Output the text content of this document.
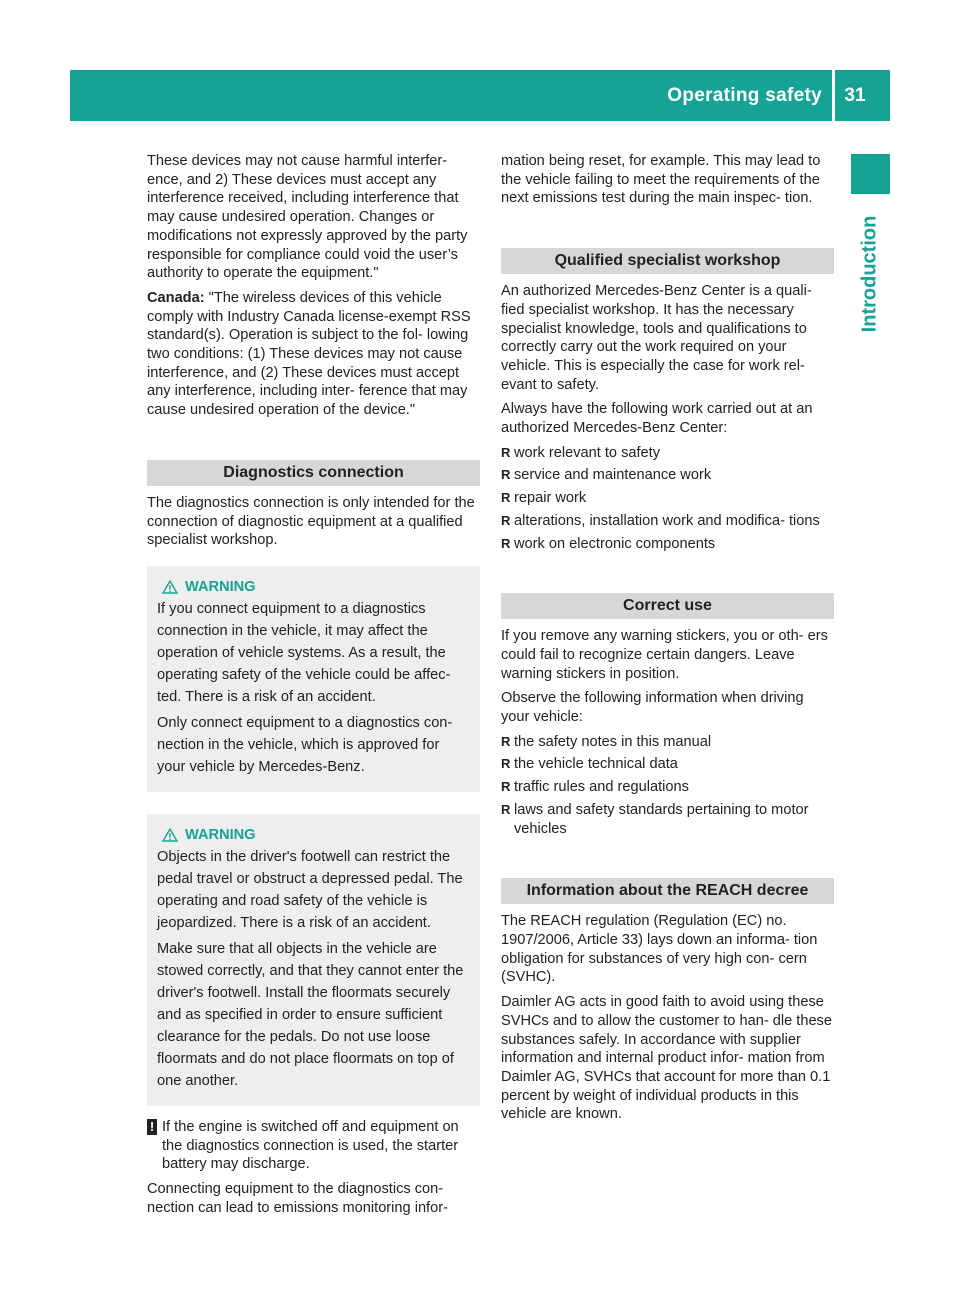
Operating safety	31
Introduction

These devices may not cause harmful interfer- ence, and 2) These devices must accept any interference received, including interference that may cause undesired operation. Changes or modifications not expressly approved by the party responsible for compliance could void the user’s authority to operate the equipment."

Canada: "The wireless devices of this vehicle comply with Industry Canada license-exempt RSS standard(s). Operation is subject to the fol- lowing two conditions: (1) These devices may not cause interference, and (2) These devices must accept any interference, including inter- ference that may cause undesired operation of the device."

Diagnostics connection

The diagnostics connection is only intended for the connection of diagnostic equipment at a qualified specialist workshop.

WARNING

If you connect equipment to a diagnostics connection in the vehicle, it may affect the operation of vehicle systems. As a result, the operating safety of the vehicle could be affec- ted. There is a risk of an accident.

Only connect equipment to a diagnostics con- nection in the vehicle, which is approved for your vehicle by Mercedes-Benz.

WARNING

Objects in the driver's footwell can restrict the pedal travel or obstruct a depressed pedal. The operating and road safety of the vehicle is jeopardized. There is a risk of an accident.

Make sure that all objects in the vehicle are stowed correctly, and that they cannot enter the driver's footwell. Install the floormats securely and as specified in order to ensure sufficient clearance for the pedals. Do not use loose floormats and do not place floormats on top of one another.

! If the engine is switched off and equipment on the diagnostics connection is used, the starter battery may discharge.

Connecting equipment to the diagnostics con- nection can lead to emissions monitoring infor-

mation being reset, for example. This may lead to the vehicle failing to meet the requirements of the next emissions test during the main inspec- tion.

Qualified specialist workshop

An authorized Mercedes-Benz Center is a quali- fied specialist workshop. It has the necessary specialist knowledge, tools and qualifications to correctly carry out the work required on your vehicle. This is especially the case for work rel- evant to safety.

Always have the following work carried out at an authorized Mercedes-Benz Center:

R work relevant to safety
R service and maintenance work
R repair work
R alterations, installation work and modifica- tions
R work on electronic components
Correct use

If you remove any warning stickers, you or oth- ers could fail to recognize certain dangers. Leave warning stickers in position.

Observe the following information when driving your vehicle:

R the safety notes in this manual
R the vehicle technical data
R traffic rules and regulations
R laws and safety standards pertaining to motor vehicles
Information about the REACH decree

The REACH regulation (Regulation (EC) no. 1907/2006, Article 33) lays down an informa- tion obligation for substances of very high con- cern (SVHC).

Daimler AG acts in good faith to avoid using these SVHCs and to allow the customer to han- dle these substances safely. In accordance with supplier information and internal product infor- mation from Daimler AG, SVHCs that account for more than 0.1 percent by weight of individual products in this vehicle are known.
